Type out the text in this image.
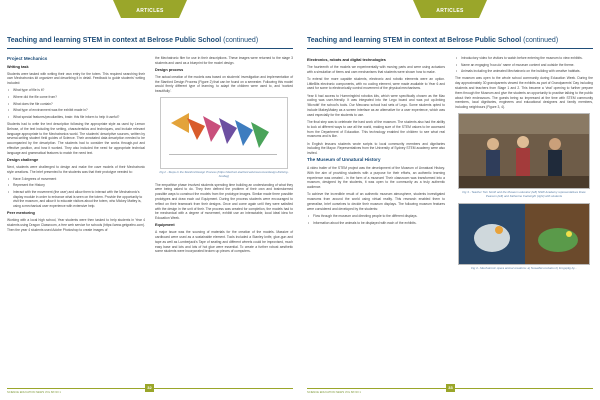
ARTICLES
Teaching and learning STEM in context at Belrose Public School (continued)
Project Mechanics
Writing task

Students were tasked with writing their own entry for the totem. This required searching their own Mechatronics kit organizer and describing it in detail. Feedback to guide students' writing included:

• What type of file is it?
• Where did the file come from?
• What does the file contain?
• What type of environment was the exhibit made in?
• What special features/peculiarities, brain: this file inform to help it useful?

Students had to write the text description following the appropriate style as used by Lemon Belrose, of the text including the setting, characteristics and techniques, and include relevant language appropriate to the Mechatronics world. The students' descriptive sources, written by several-writing student field guides of Science. Their annotated data description needed to be accompanied by the description. The students had to consider the works through-put and effective position, and how it worked. They also included the need for appropriate technical language and grammatical features to match the need text.

Design challenge

Next, students were challenged to design and make the cave models of their Mechatronic style creations. The brief presented to the students was that their prototype needed to:

• Have 3 degrees of movement
• Represent the History
• Interact with the movement (the user) and allow them to interact with the Mechatronic's display module in order to enhance what is seen on the totem. Provide the opportunity to visit the museum, and allow it to educate visitors about the totem, who Mickey Mattey is, using a mechanical user experience with extensive help.
Peer mentoring

Working with a local high school, Year students were then tasked to help students in Year 4 students using Dragon Classroom, a free web service for schools (https://www.getgrafeo.com). Then the year 4 students used Adobe Photoshop to create images of

the Mechatronic flier for use in their descriptions. These images were returned to the stage 3 students and used as a blueprint for the model design.

Design process

The actual creation of the models was based on students' investigation and implementation of the Stanford Design Process (Figure 2) that can be found on a semester. Following this model would firmly different type of learning, to adapt the children were used to, and 'worked beautifully'.

Fig 2 - Steps in the Stanford Design Process (https://dschool.stanford.edu/resources/design-thinking-bootleg)

The empathise phase involved students spending time building an understanding of what they were being asked to do. They then defined the problem of their own and brainstormed possible ways to construct the models from the prototype images. Similar made three possible prototypes and draw each out Equipment. During the process students were encouraged to reflect on their teamwork from their designs. Once and come again until they were satisfied with the design in the unit of their. The process was created for completion, the models had to be mechanical with a degree of movement, exhibit use an interactable, local ideal idea for Education Week.

Equipment

A major issue was the sourcing of materials for the creation of the models. Massive of cardboard were used as a sustainable element. Tools included a Stanley knife, glue-gun and tape as well as Lumberjack's Tape of seating and different wheels could be improvised, much easy base and lots and lots of hot glue were essential. To create a further robust aesthetic some students were incorporated broken up pieces of computers.

32
SCIENCE EDUCATION NEWS VOL 68 NO 1
ARTICLES
Teaching and learning STEM in context at Belrose Public School (continued)
Electronics, robots and digital technologies

The fourteenth of the models we experimentally with moving parts and were using actuators with a simulation of items and cam mechanisms that students were shown how to make.

To extend the more capable students, electronic and robotic elements were an option. LittleBits electronic components, with no coding element, were made available to Year 6 and used for some to electronically control movement of the physical mechanisms.

Year 6 had access to Hummingbird robotics kits, which were specifically chosen as the Mac coding was user-friendly. It was integrated into the Lego board and was put up-linking 'Microbit' the school's tools. Our Meccano school had sets of Lego. Some students opted to include MakeyMakey as a screen interface as an alternative for a user experience, which was used especially for the students to use.

The final step was to celebrate the hard work of the museum. The students also had the ability to look at different ways to use all the world, making sure of the STEM values to be accessed from the Department of Education. This technology enabled the children to see what real museums and is like.

In English lessons students wrote scripts to local community members and dignitaries including the Mayor. Representatives from the University of Sydney STEM academy were also invited.

The Museum of Unnatural History

A video trailer of the STEM project was the development of the Museum of Unnatural History. With the aim of providing students with a purpose for their efforts, an authentic learning experience was created - in the form of a museum! Their classroom was transformed into a museum, designed by the students, it was open to the community as a truly authentic audience.

To achieve the incredible result of an authentic museum atmosphere, students investigated museums from around the world using virtual reality. This research enabled them to generalise, brief ourselves to decide their museum displays. The following museum features were considered and developed by the students:

• Flow through the museum and directing people to the different displays.
• Information about the animals to be displayed with each of the exhibits.
• Introductory video for visitors to watch before entering the museum to view exhibits.
• Name an engaging 'how-do' name of museum content and outside the theme.
• Animals including the animated Mechatronic on the building with creative habitats.

The museum was open to the whole school community during Education Week. During the day approximately 30 grandparents viewed the exhibits as part of Grandparents' Day including students and teachers from Stage 1 and 2. This became a 'viral' opening to further prepare them through the Museum and give the students an opportunity to practise talking to the public about their endeavours. The guests being so impressed at the time with STEM community members, local dignitaries, engineers and educational designers and family members, including neighbours (Figure 3, 4).

Fig 3 - Teacher Tom Smith and the Museum educator (left) NSW Academy representatives Drew Pearson (left) and Katherine Cartwright (right) with students
Fig 4 - Mechatronic opera animal creations: a) Nosedlid-cockatoo b) Frogsplig by...
33
SCIENCE EDUCATION NEWS VOL 68 NO 1
